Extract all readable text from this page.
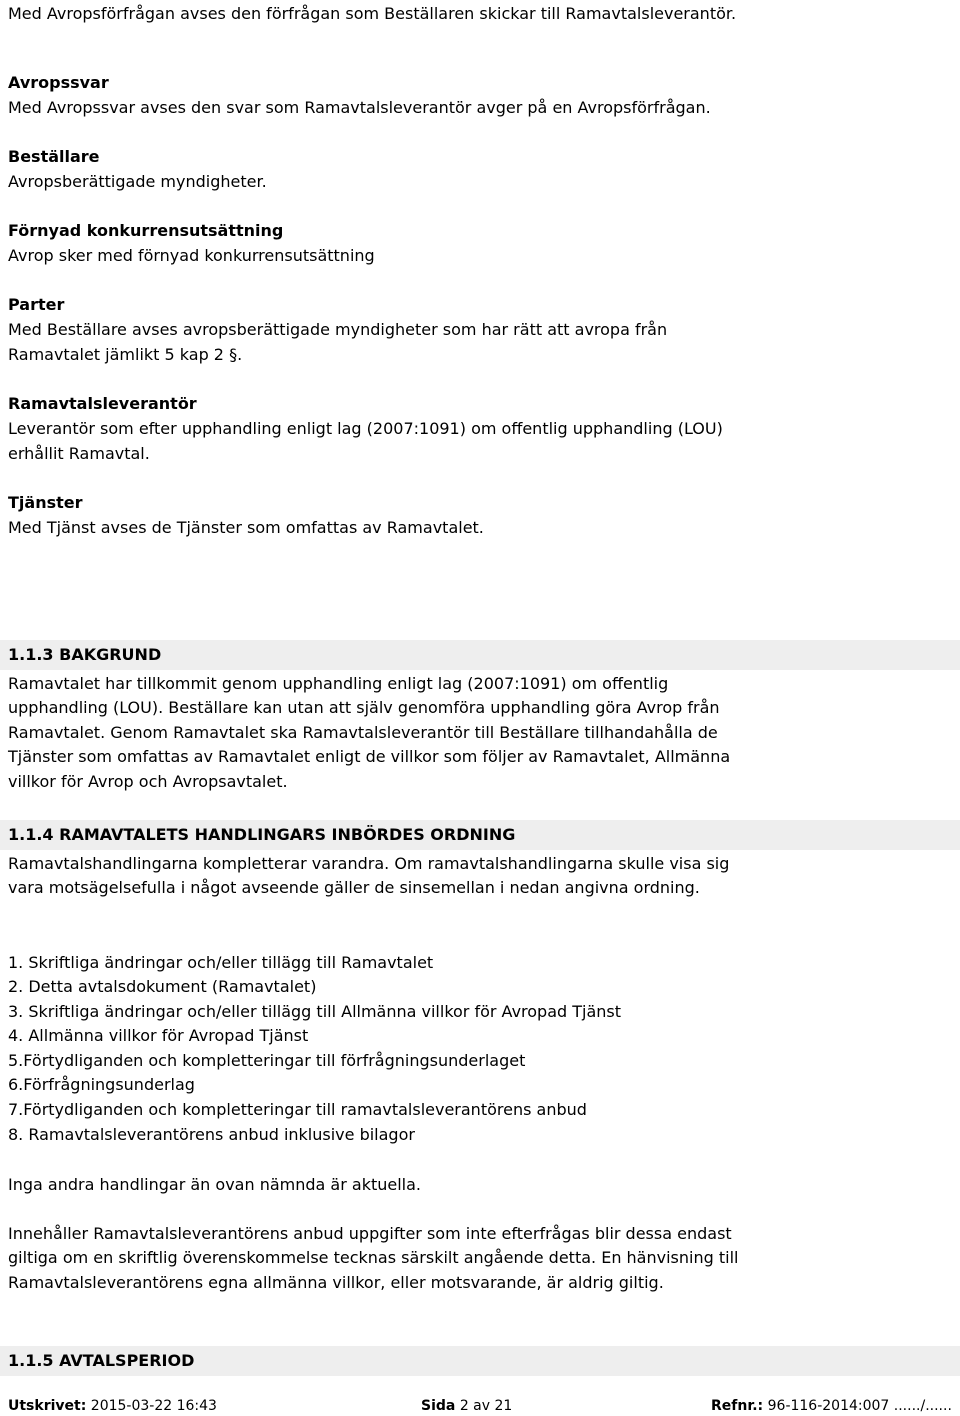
Med Avropsförfrågan avses den förfrågan som Beställaren skickar till Ramavtalsleverantör.
Avropssvar
Med Avropssvar avses den svar som Ramavtalsleverantör avger på en Avropsförfrågan.
Beställare
Avropsberättigade myndigheter.
Förnyad konkurrensutsättning
Avrop sker med förnyad konkurrensutsättning
Parter
Med Beställare avses avropsberättigade myndigheter som har rätt att avropa från
Ramavtalet jämlikt 5 kap 2 §.
Ramavtalsleverantör
Leverantör som efter upphandling enligt lag (2007:1091) om offentlig upphandling (LOU)
erhållit Ramavtal.
Tjänster
Med Tjänst avses de Tjänster som omfattas av Ramavtalet.
1.1.3 BAKGRUND
Ramavtalet har tillkommit genom upphandling enligt lag (2007:1091) om offentlig
upphandling (LOU). Beställare kan utan att själv genomföra upphandling göra Avrop från
Ramavtalet. Genom Ramavtalet ska Ramavtalsleverantör till Beställare tillhandahålla de
Tjänster som omfattas av Ramavtalet enligt de villkor som följer av Ramavtalet, Allmänna
villkor för Avrop och Avropsavtalet.
1.1.4 RAMAVTALETS HANDLINGARS INBÖRDES ORDNING
Ramavtalshandlingarna kompletterar varandra. Om ramavtalshandlingarna skulle visa sig
vara motsägelsefulla i något avseende gäller de sinsemellan i nedan angivna ordning.
1. Skriftliga ändringar och/eller tillägg till Ramavtalet
2. Detta avtalsdokument (Ramavtalet)
3. Skriftliga ändringar och/eller tillägg till Allmänna villkor för Avropad Tjänst
4. Allmänna villkor för Avropad Tjänst
5.Förtydliganden och kompletteringar till förfrågningsunderlaget
6.Förfrågningsunderlag
7.Förtydliganden och kompletteringar till ramavtalsleverantörens anbud
8. Ramavtalsleverantörens anbud inklusive bilagor
Inga andra handlingar än ovan nämnda är aktuella.
Innehåller Ramavtalsleverantörens anbud uppgifter som inte efterfrågas blir dessa endast
giltiga om en skriftlig överenskommelse tecknas särskilt angående detta. En hänvisning till
Ramavtalsleverantörens egna allmänna villkor, eller motsvarande, är aldrig giltig.
1.1.5 AVTALSPERIOD
Utskrivet: 2015-03-22 16:43	Sida 2 av 21	Refnr.: 96-116-2014:007 ....../......
